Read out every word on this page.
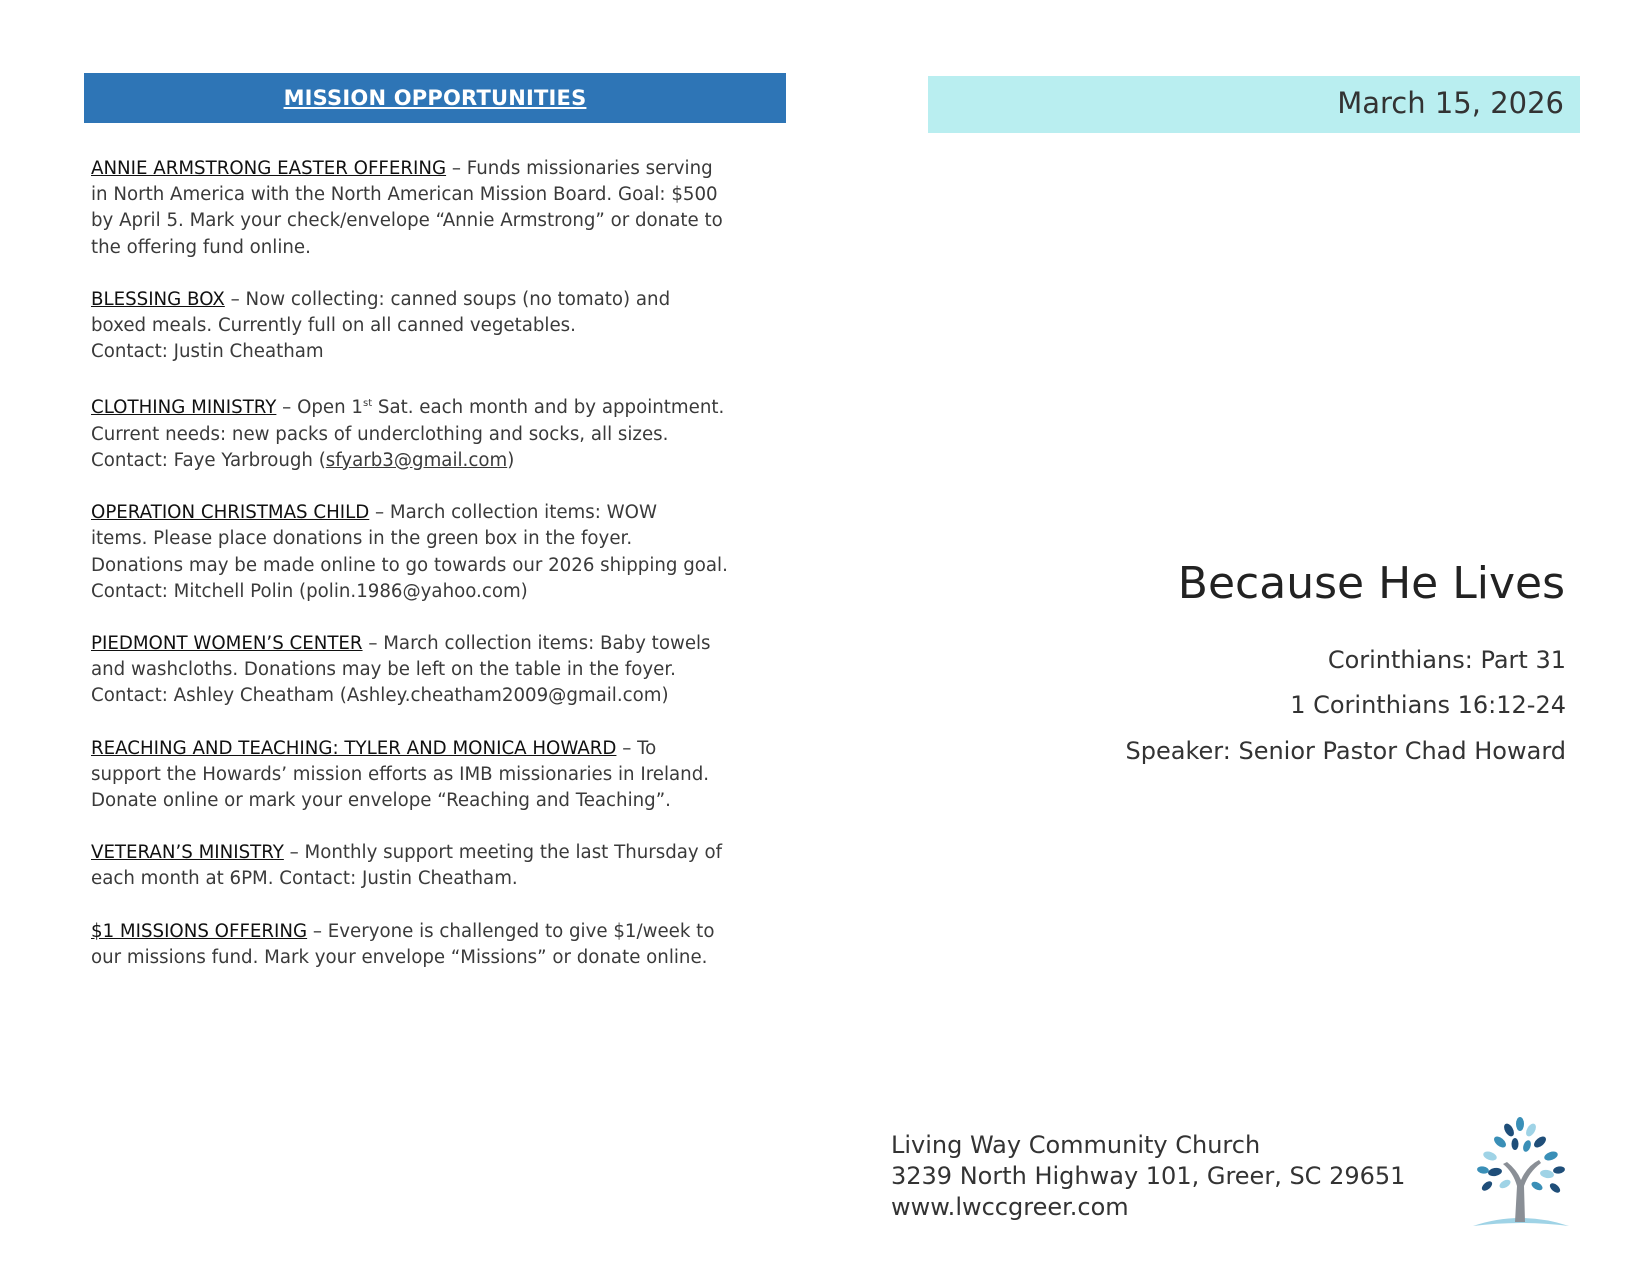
MISSION OPPORTUNITIES
ANNIE ARMSTRONG EASTER OFFERING – Funds missionaries serving
in North America with the North American Mission Board. Goal: $500
by April 5. Mark your check/envelope “Annie Armstrong” or donate to
the offering fund online.
BLESSING BOX – Now collecting: canned soups (no tomato) and
boxed meals. Currently full on all canned vegetables.
Contact: Justin Cheatham
CLOTHING MINISTRY – Open 1st Sat. each month and by appointment.
Current needs: new packs of underclothing and socks, all sizes.
Contact: Faye Yarbrough (sfyarb3@gmail.com)
OPERATION CHRISTMAS CHILD – March collection items: WOW
items. Please place donations in the green box in the foyer.
Donations may be made online to go towards our 2026 shipping goal.
Contact: Mitchell Polin (polin.1986@yahoo.com)
PIEDMONT WOMEN’S CENTER – March collection items: Baby towels
and washcloths. Donations may be left on the table in the foyer.
Contact: Ashley Cheatham (Ashley.cheatham2009@gmail.com)
REACHING AND TEACHING: TYLER AND MONICA HOWARD – To
support the Howards’ mission efforts as IMB missionaries in Ireland.
Donate online or mark your envelope “Reaching and Teaching”.
VETERAN’S MINISTRY – Monthly support meeting the last Thursday of
each month at 6PM. Contact: Justin Cheatham.
$1 MISSIONS OFFERING – Everyone is challenged to give $1/week to
our missions fund. Mark your envelope “Missions” or donate online.
March 15, 2026
Because He Lives
Corinthians: Part 31
1 Corinthians 16:12-24
Speaker: Senior Pastor Chad Howard
Living Way Community Church
3239 North Highway 101, Greer, SC 29651
www.lwccgreer.com
